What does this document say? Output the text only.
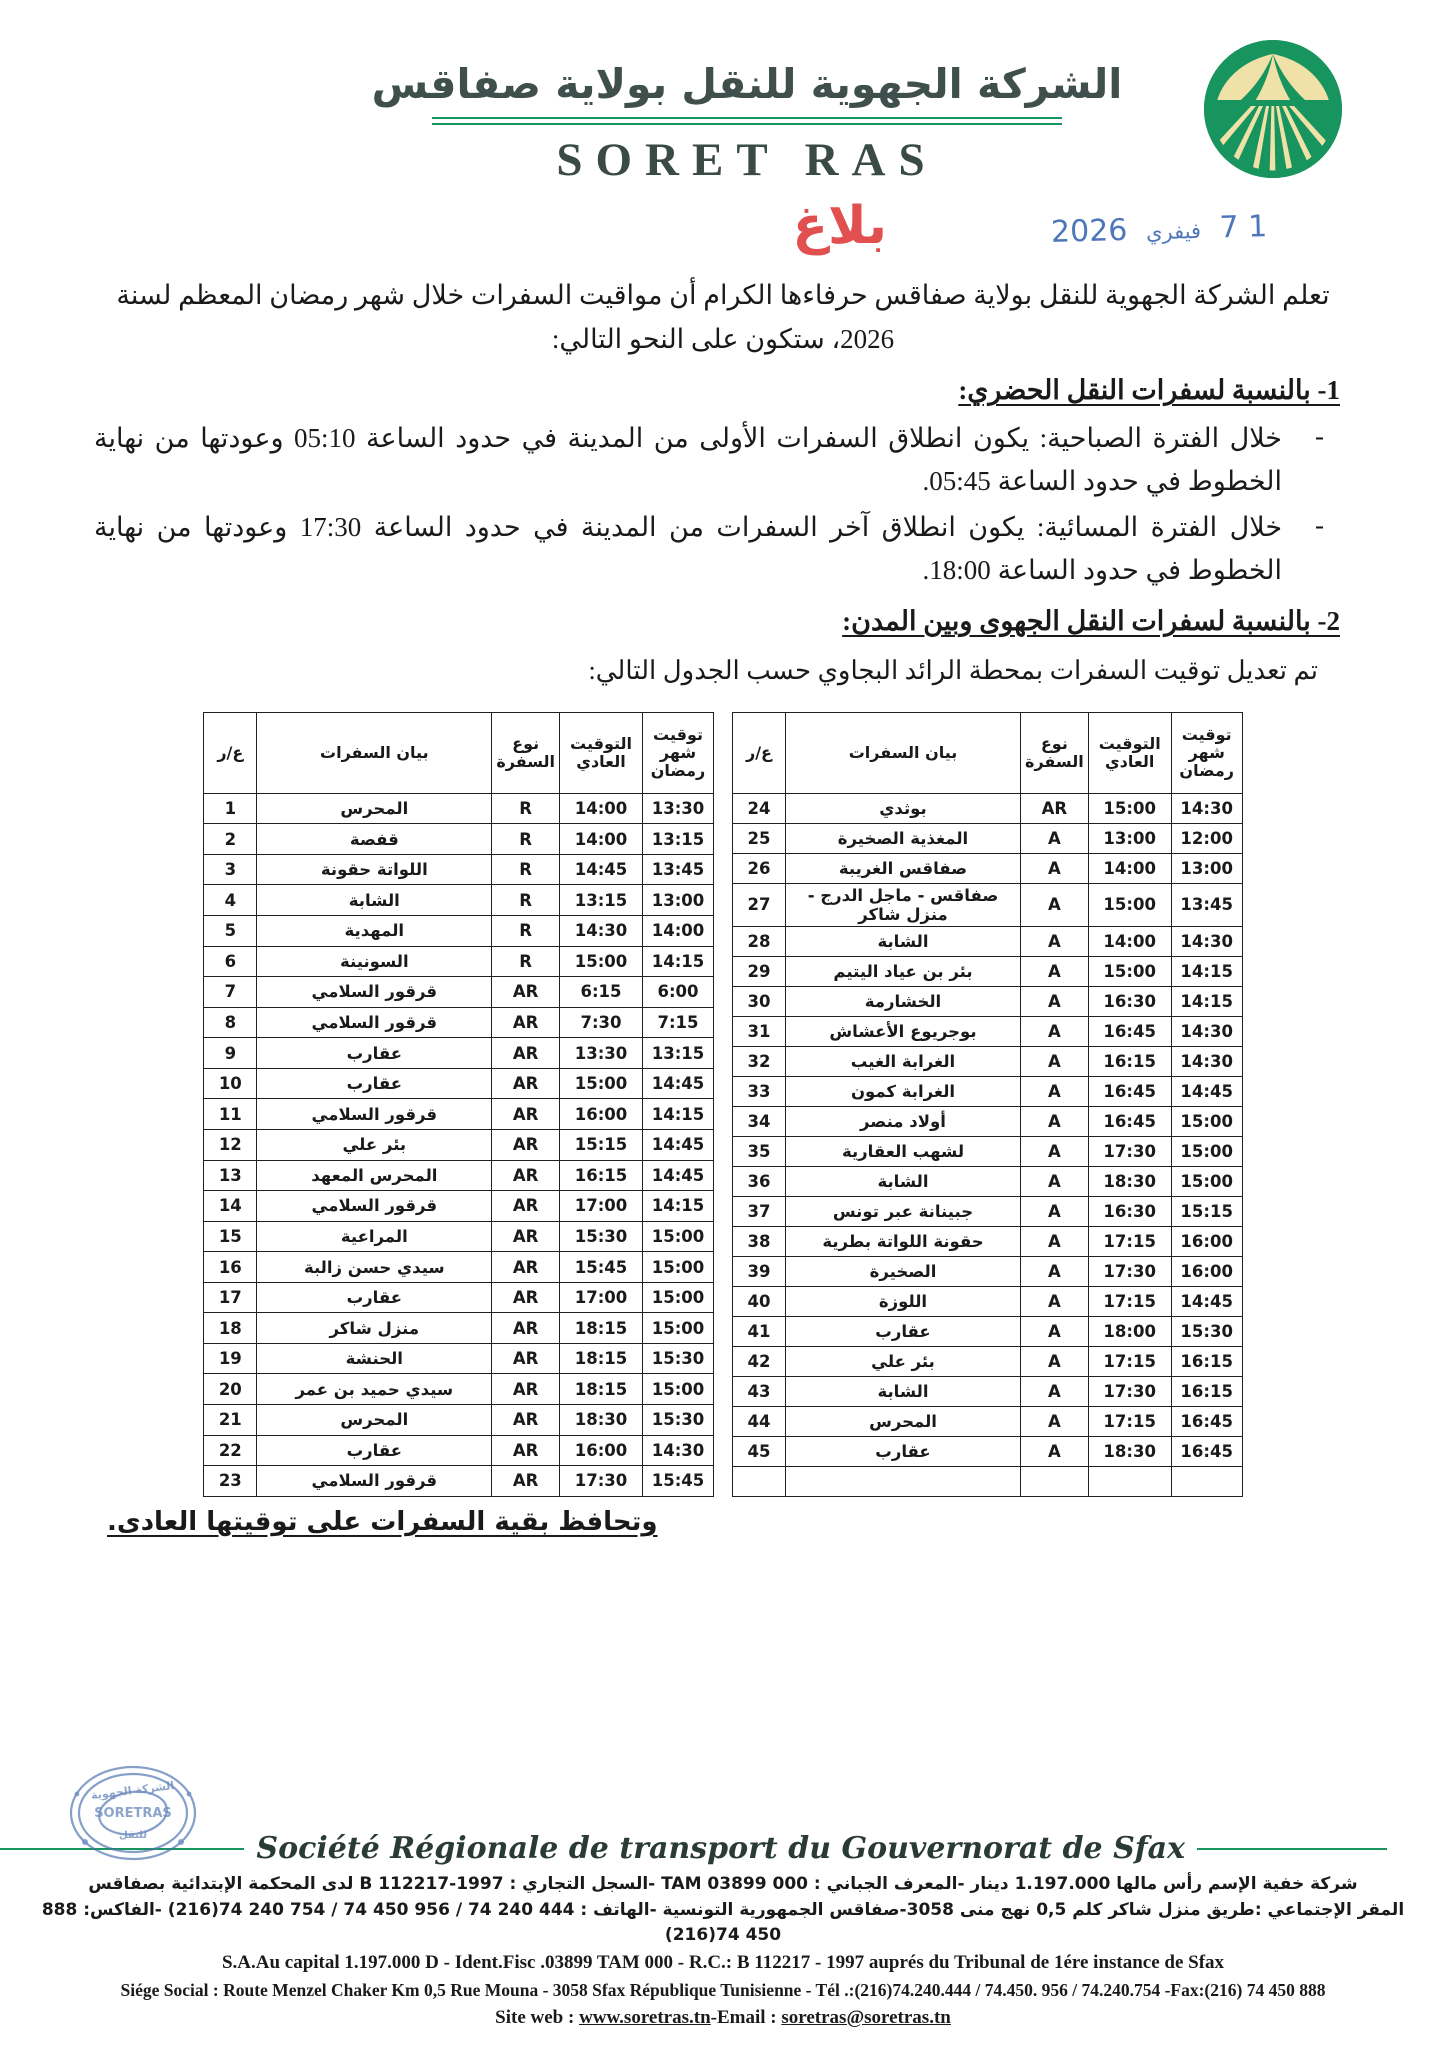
الشركة الجهوية للنقل بولاية صفاقس
SORET RAS
1 7 فيفري 2026
بلاغ

تعلم الشركة الجهوية للنقل بولاية صفاقس حرفاءها الكرام أن مواقيت السفرات خلال شهر رمضان المعظم لسنة 2026، ستكون على النحو التالي:

1- بالنسبة لسفرات النقل الحضري:
-
خلال الفترة الصباحية: يكون انطلاق السفرات الأولى من المدينة في حدود الساعة 05:10 وعودتها من نهاية الخطوط في حدود الساعة 05:45.
-
خلال الفترة المسائية: يكون انطلاق آخر السفرات من المدينة في حدود الساعة 17:30 وعودتها من نهاية الخطوط في حدود الساعة 18:00.
2- بالنسبة لسفرات النقل الجهوى وبين المدن:

تم تعديل توقيت السفرات بمحطة الرائد البجاوي حسب الجدول التالي:

توقيت شهر رمضان	التوقيت العادي	نوع السفرة	بيان السفرات	ع/ر
14:30	15:00	AR	بوثدي	24
12:00	13:00	A	المغذية الصخيرة	25
13:00	14:00	A	صفاقس الغريبة	26
13:45	15:00	A	صفاقس - ماجل الدرج - منزل شاكر	27
14:30	14:00	A	الشابة	28
14:15	15:00	A	بئر بن عياد اليتيم	29
14:15	16:30	A	الخشارمة	30
14:30	16:45	A	بوجريوع الأعشاش	31
14:30	16:15	A	الغرابة الغيب	32
14:45	16:45	A	الغرابة كمون	33
15:00	16:45	A	أولاد منصر	34
15:00	17:30	A	لشهب العقارية	35
15:00	18:30	A	الشابة	36
15:15	16:30	A	جبينانة عبر تونس	37
16:00	17:15	A	حقونة اللواتة بطرية	38
16:00	17:30	A	الصخيرة	39
14:45	17:15	A	اللوزة	40
15:30	18:00	A	عقارب	41
16:15	17:15	A	بئر علي	42
16:15	17:30	A	الشابة	43
16:45	17:15	A	المحرس	44
16:45	18:30	A	عقارب	45

توقيت شهر رمضان	التوقيت العادي	نوع السفرة	بيان السفرات	ع/ر
13:30	14:00	R	المحرس	1
13:15	14:00	R	قفصة	2
13:45	14:45	R	اللواتة حقونة	3
13:00	13:15	R	الشابة	4
14:00	14:30	R	المهدية	5
14:15	15:00	R	السونينة	6
6:00	6:15	AR	قرقور السلامي	7
7:15	7:30	AR	قرقور السلامي	8
13:15	13:30	AR	عقارب	9
14:45	15:00	AR	عقارب	10
14:15	16:00	AR	قرقور السلامي	11
14:45	15:15	AR	بئر علي	12
14:45	16:15	AR	المحرس المعهد	13
14:15	17:00	AR	قرقور السلامي	14
15:00	15:30	AR	المراعية	15
15:00	15:45	AR	سيدي حسن زالبة	16
15:00	17:00	AR	عقارب	17
15:00	18:15	AR	منزل شاكر	18
15:30	18:15	AR	الحنشة	19
15:00	18:15	AR	سيدي حميد بن عمر	20
15:30	18:30	AR	المحرس	21
14:30	16:00	AR	عقارب	22
15:45	17:30	AR	قرقور السلامي	23
وتحافظ بقية السفرات على توقيتها العادى.
الشركة الجهوية
SORETRAS
للنقل	Société Régionale de transport du Gouvernorat de Sfax
شركة خفية الإسم رأس مالها 1.197.000 دينار -المعرف الجباني : 000 TAM 03899 -السجل التجاري : B 112217-1997 لدى المحكمة الإبتدائية بصفاقس
المقر الإجتماعي :طريق منزل شاكر كلم 0,5 نهج منى 3058-صفاقس الجمهورية التونسية -الهاتف : 444 240 74 / 956 450 74 / 754 240 74(216) -الفاكس: 888 450 74(216)
S.A.Au capital 1.197.000 D - Ident.Fisc .03899 TAM 000 - R.C.: B 112217 - 1997 auprés du Tribunal de 1ére instance de Sfax
Siége Social : Route Menzel Chaker Km 0,5 Rue Mouna - 3058 Sfax République Tunisienne - Tél .:(216)74.240.444 / 74.450. 956 / 74.240.754 -Fax:(216) 74 450 888
Site web : www.soretras.tn-Email : soretras@soretras.tn
